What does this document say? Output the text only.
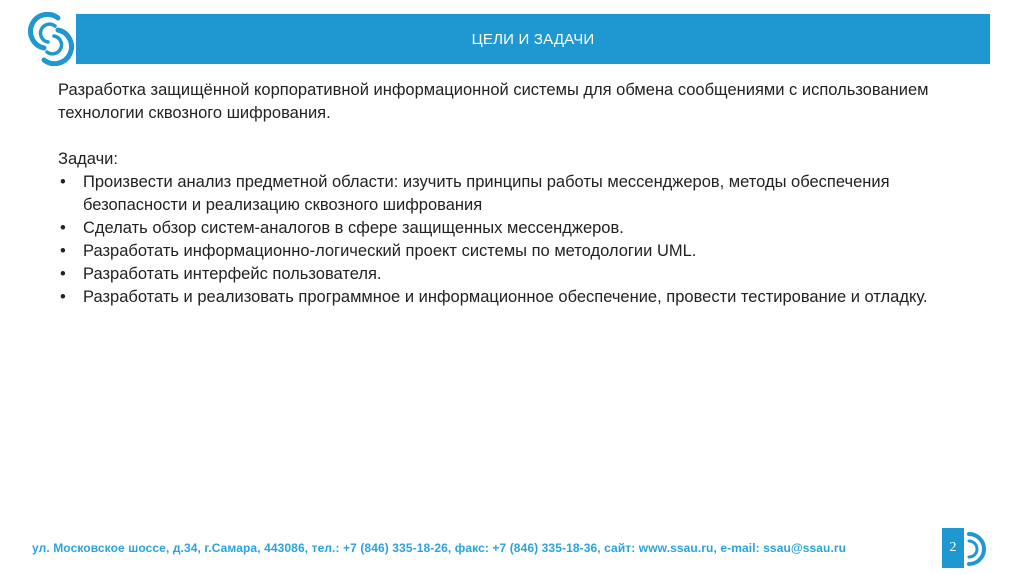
ЦЕЛИ И ЗАДАЧИ

Разработка защищённой корпоративной информационной системы для обмена сообщениями с использованием технологии сквозного шифрования.

Задачи:

• Произвести анализ предметной области: изучить принципы работы мессенджеров, методы обеспечения безопасности и реализацию сквозного шифрования
• Сделать обзор систем-аналогов в сфере защищенных мессенджеров.
• Разработать информационно-логический проект системы по методологии UML.
• Разработать интерфейс пользователя.
• Разработать и реализовать программное и информационное обеспечение, провести тестирование и отладку.
ул. Московское шоссе, д.34, г.Самара, 443086, тел.: +7 (846) 335-18-26, факс: +7 (846) 335-18-36, сайт: www.ssau.ru, e-mail: ssau@ssau.ru	2
